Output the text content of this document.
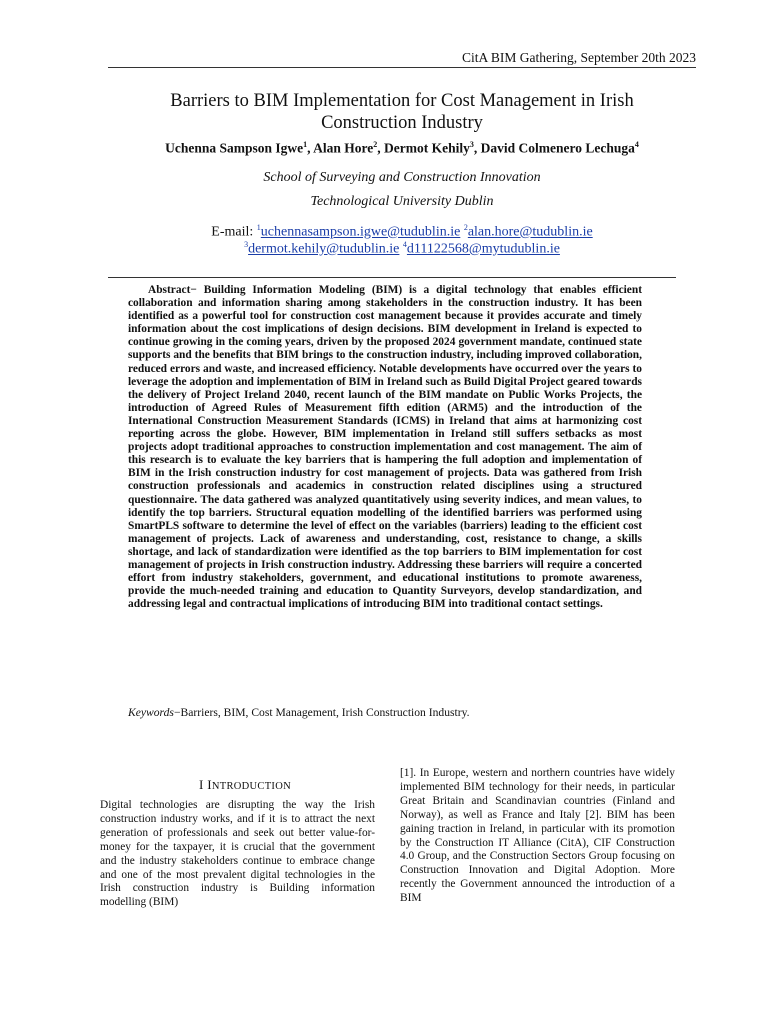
CitA BIM Gathering, September 20th 2023
Barriers to BIM Implementation for Cost Management in Irish
Construction Industry
Uchenna Sampson Igwe$^1$, Alan Hore$^2$, Dermot Kehily$^3$, David Colmenero Lechuga$^4$
School of Surveying and Construction Innovation
Technological University Dublin
E-mail: $^1$uchennasampson.igwe@tudublin.ie $^2$alan.hore@tudublin.ie
$^3$dermot.kehily@tudublin.ie $^4$d11122568@mytudublin.ie

Abstract− Building Information Modeling (BIM) is a digital technology that enables efficient collaboration and information sharing among stakeholders in the construction industry. It has been identified as a powerful tool for construction cost management because it provides accurate and timely information about the cost implications of design decisions. BIM development in Ireland is expected to continue growing in the coming years, driven by the proposed 2024 government mandate, continued state supports and the benefits that BIM brings to the construction industry, including improved collaboration, reduced errors and waste, and increased efficiency. Notable developments have occurred over the years to leverage the adoption and implementation of BIM in Ireland such as Build Digital Project geared towards the delivery of Project Ireland 2040, recent launch of the BIM mandate on Public Works Projects, the introduction of Agreed Rules of Measurement fifth edition (ARM5) and the introduction of the International Construction Measurement Standards (ICMS) in Ireland that aims at harmonizing cost reporting across the globe. However, BIM implementation in Ireland still suffers setbacks as most projects adopt traditional approaches to construction implementation and cost management. The aim of this research is to evaluate the key barriers that is hampering the full adoption and implementation of BIM in the Irish construction industry for cost management of projects. Data was gathered from Irish construction professionals and academics in construction related disciplines using a structured questionnaire. The data gathered was analyzed quantitatively using severity indices, and mean values, to identify the top barriers. Structural equation modelling of the identified barriers was performed using SmartPLS software to determine the level of effect on the variables (barriers) leading to the efficient cost management of projects. Lack of awareness and understanding, cost, resistance to change, a skills shortage, and lack of standardization were identified as the top barriers to BIM implementation for cost management of projects in Irish construction industry. Addressing these barriers will require a concerted effort from industry stakeholders, government, and educational institutions to promote awareness, provide the much-needed training and education to Quantity Surveyors, develop standardization, and addressing legal and contractual implications of introducing BIM into traditional contact settings.

Keywords−Barriers, BIM, Cost Management, Irish Construction Industry.
I INTRODUCTION

Digital technologies are disrupting the way the Irish construction industry works, and if it is to attract the next generation of professionals and seek out better value-for-money for the taxpayer, it is crucial that the government and the industry stakeholders continue to embrace change and one of the most prevalent digital technologies in the Irish construction industry is Building information modelling (BIM)

[1]. In Europe, western and northern countries have widely implemented BIM technology for their needs, in particular Great Britain and Scandinavian countries (Finland and Norway), as well as France and Italy [2]. BIM has been gaining traction in Ireland, in particular with its promotion by the Construction IT Alliance (CitA), CIF Construction 4.0 Group, and the Construction Sectors Group focusing on Construction Innovation and Digital Adoption. More recently the Government announced the introduction of a BIM
